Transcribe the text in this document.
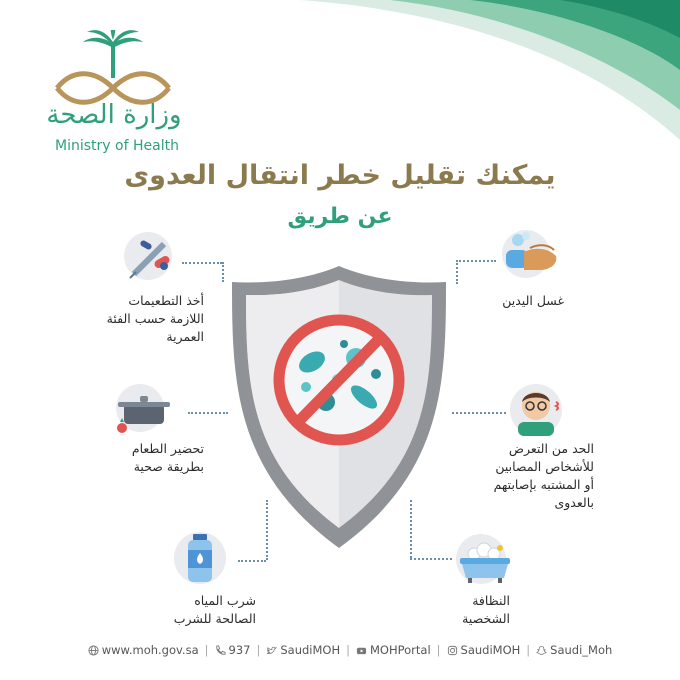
وزارة الصحة
Ministry of Health
يمكنك تقليل خطر انتقال العدوى
عن طريق
أخذ التطعيمات
اللازمة حسب الفئة
العمرية
تحضير الطعام
بطريقة صحية
شرب المياه
الصالحة للشرب
غسل اليدين
الحد من التعرض
للأشخاص المصابين
أو المشتبه بإصابتهم
بالعدوى
النظافة
الشخصية
www.moh.gov.sa | 937 | SaudiMOH | MOHPortal | SaudiMOH | Saudi_Moh
